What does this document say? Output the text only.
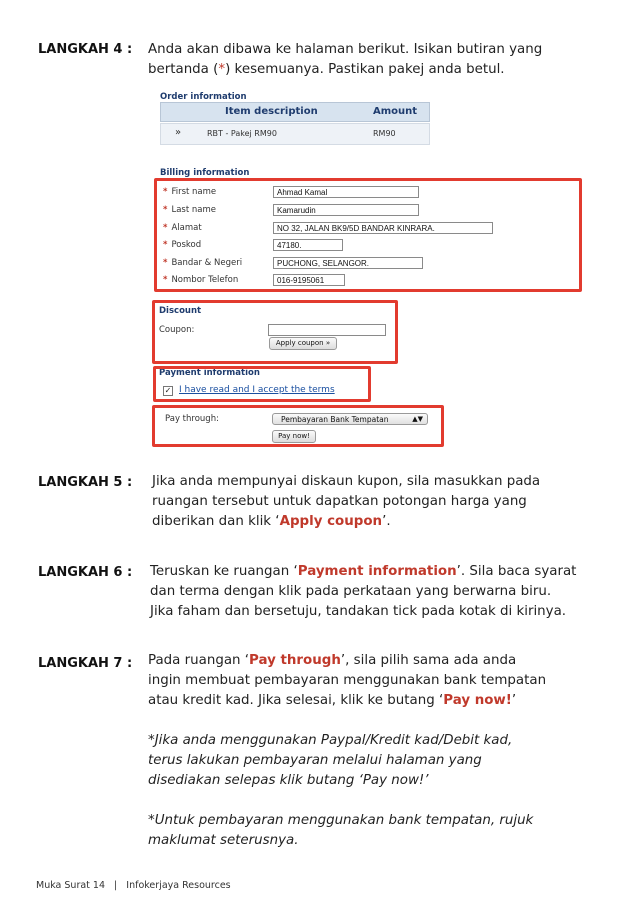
LANGKAH 4 : Anda akan dibawa ke halaman berikut. Isikan butiran yang
bertanda (*) kesemuanya. Pastikan pakej anda betul.
Order information
Item description	Amount
»	RBT - Pakej RM90	RM90
Billing information
* First name	Ahmad Kamal
* Last name	Kamarudin
* Alamat	NO 32, JALAN BK9/5D BANDAR KINRARA.
* Poskod	47180.
* Bandar & Negeri	PUCHONG, SELANGOR.
* Nombor Telefon	016-9195061
Discount
Coupon:
Apply coupon »
Payment information
✓ I have read and I accept the terms
Pay through:	Pembayaran Bank Tempatan	▲▼
Pay now!
LANGKAH 5 : Jika anda mempunyai diskaun kupon, sila masukkan pada
ruangan tersebut untuk dapatkan potongan harga yang
diberikan dan klik ‘Apply coupon’.
LANGKAH 6 : Teruskan ke ruangan ‘Payment information’. Sila baca syarat
dan terma dengan klik pada perkataan yang berwarna biru.
Jika faham dan bersetuju, tandakan tick pada kotak di kirinya.
LANGKAH 7 : Pada ruangan ‘Pay through’, sila pilih sama ada anda
ingin membuat pembayaran menggunakan bank tempatan
atau kredit kad. Jika selesai, klik ke butang ‘Pay now!’
*Jika anda menggunakan Paypal/Kredit kad/Debit kad,
terus lakukan pembayaran melalui halaman yang
disediakan selepas klik butang ‘Pay now!’
*Untuk pembayaran menggunakan bank tempatan, rujuk
maklumat seterusnya.
Muka Surat 14 | Infokerjaya Resources
